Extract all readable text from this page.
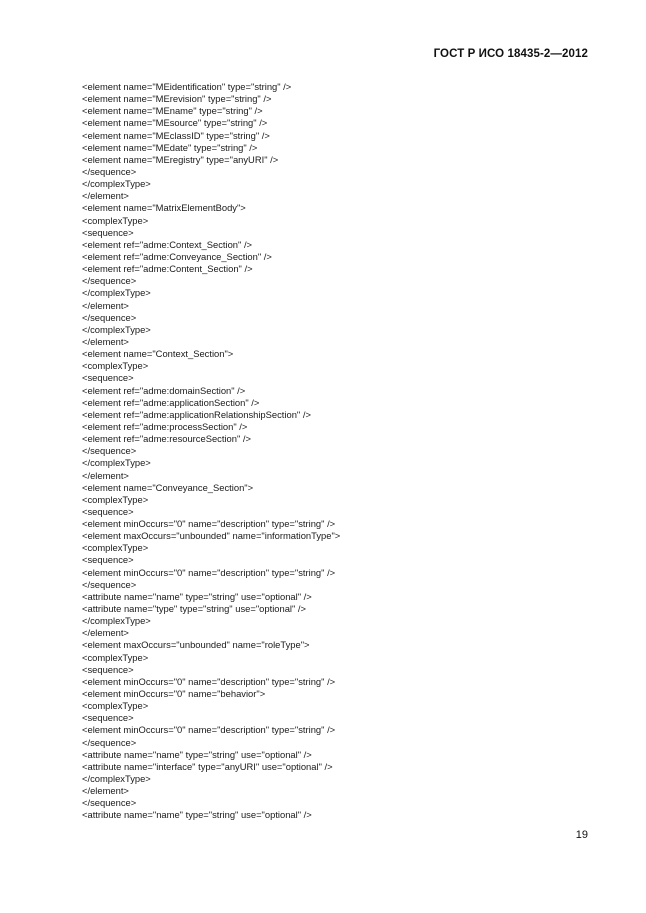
ГОСТ Р ИСО 18435-2—2012
<element name="MEidentification" type="string" />
<element name="MErevision" type="string" />
<element name="MEname" type="string" />
<element name="MEsource" type="string" />
<element name="MEclassID" type="string" />
<element name="MEdate" type="string" />
<element name="MEregistry" type="anyURI" />
</sequence>
</complexType>
</element>
<element name="MatrixElementBody">
<complexType>
<sequence>
<element ref="adme:Context_Section" />
<element ref="adme:Conveyance_Section" />
<element ref="adme:Content_Section" />
</sequence>
</complexType>
</element>
</sequence>
</complexType>
</element>
<element name="Context_Section">
<complexType>
<sequence>
<element ref="adme:domainSection" />
<element ref="adme:applicationSection" />
<element ref="adme:applicationRelationshipSection" />
<element ref="adme:processSection" />
<element ref="adme:resourceSection" />
</sequence>
</complexType>
</element>
<element name="Conveyance_Section">
<complexType>
<sequence>
<element minOccurs="0" name="description" type="string" />
<element maxOccurs="unbounded" name="informationType">
<complexType>
<sequence>
<element minOccurs="0" name="description" type="string" />
</sequence>
<attribute name="name" type="string" use="optional" />
<attribute name="type" type="string" use="optional" />
</complexType>
</element>
<element maxOccurs="unbounded" name="roleType">
<complexType>
<sequence>
<element minOccurs="0" name="description" type="string" />
<element minOccurs="0" name="behavior">
<complexType>
<sequence>
<element minOccurs="0" name="description" type="string" />
</sequence>
<attribute name="name" type="string" use="optional" />
<attribute name="interface" type="anyURI" use="optional" />
</complexType>
</element>
</sequence>
<attribute name="name" type="string" use="optional" />
19
